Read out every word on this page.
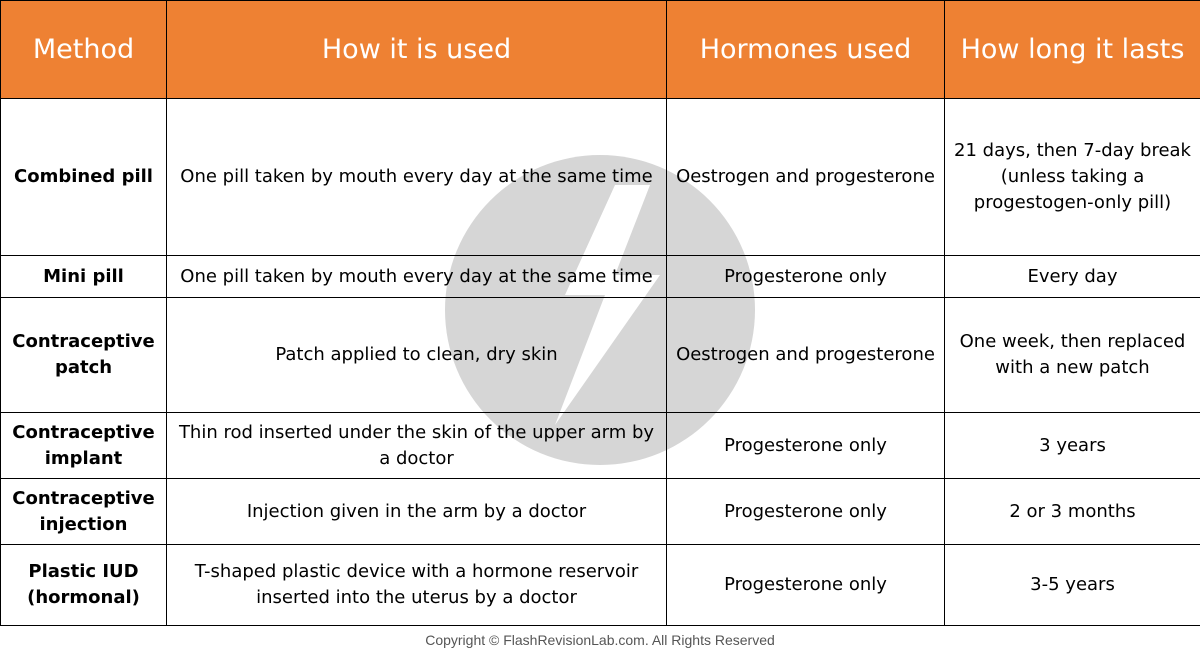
Method	How it is used	Hormones used	How long it lasts
Combined pill	One pill taken by mouth every day at the same time	Oestrogen and progesterone	21 days, then 7-day break (unless taking a progestogen-only pill)
Mini pill	One pill taken by mouth every day at the same time	Progesterone only	Every day
Contraceptive patch	Patch applied to clean, dry skin	Oestrogen and progesterone	One week, then replaced with a new patch
Contraceptive implant	Thin rod inserted under the skin of the upper arm by a doctor	Progesterone only	3 years
Contraceptive injection	Injection given in the arm by a doctor	Progesterone only	2 or 3 months
Plastic IUD (hormonal)	T-shaped plastic device with a hormone reservoir inserted into the uterus by a doctor	Progesterone only	3-5 years
Copyright © FlashRevisionLab.com. All Rights Reserved
